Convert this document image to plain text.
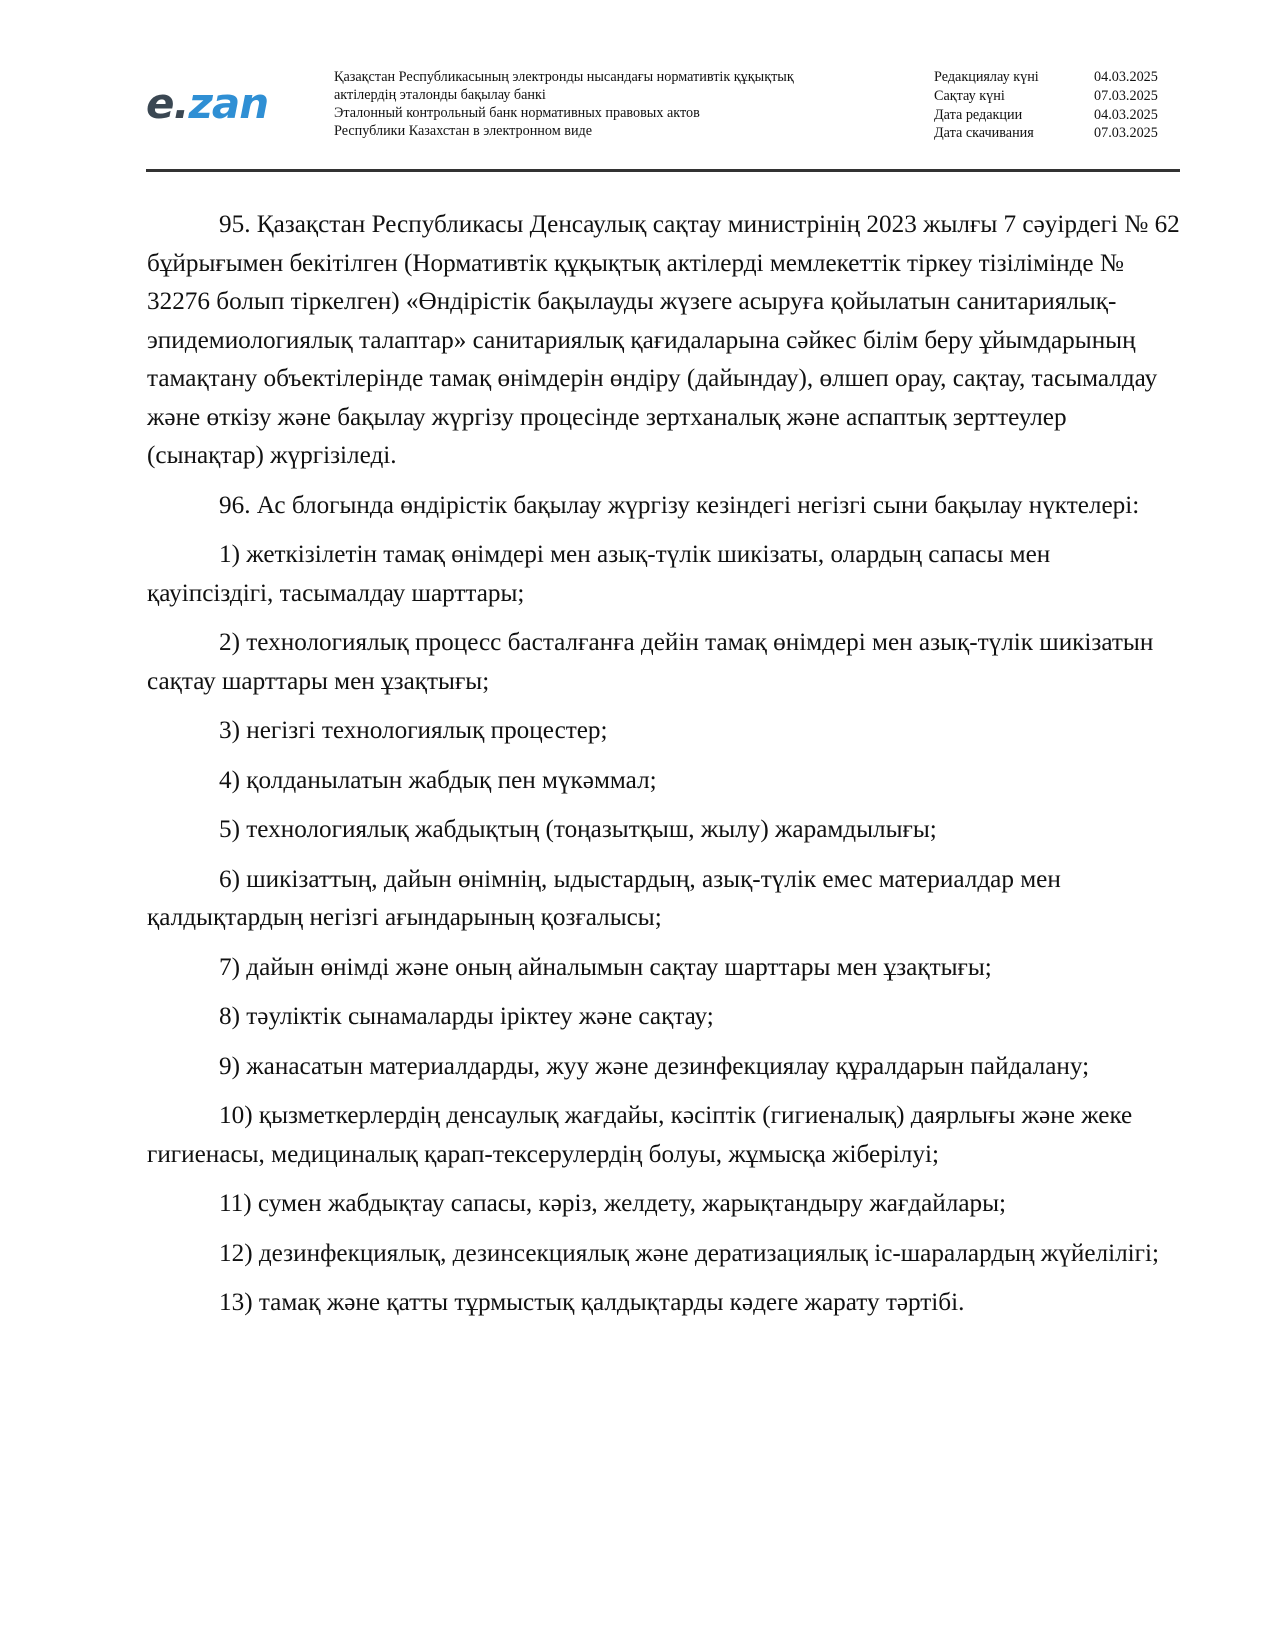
e.zan
Қазақстан Республикасының электронды нысандағы нормативтік құқықтық
актілердің эталонды бақылау банкі
Эталонный контрольный банк нормативных правовых актов
Республики Казахстан в электронном виде
Редакциялау күні	04.03.2025
Сақтау күні	07.03.2025
Дата редакции	04.03.2025
Дата скачивания	07.03.2025

95. Қазақстан Республикасы Денсаулық сақтау министрінің 2023 жылғы 7 сәуірдегі № 62 бұйрығымен бекітілген (Нормативтік құқықтық актілерді мемлекеттік тіркеу тізілімінде № 32276 болып тіркелген) «Өндірістік бақылауды жүзеге асыруға қойылатын санитариялық-эпидемиологиялық талаптар» санитариялық қағидаларына сәйкес білім беру ұйымдарының тамақтану объектілерінде тамақ өнімдерін өндіру (дайындау), өлшеп орау, сақтау, тасымалдау және өткізу және бақылау жүргізу процесінде зертханалық және аспаптық зерттеулер (сынақтар) жүргізіледі.

96. Ас блогында өндірістік бақылау жүргізу кезіндегі негізгі сыни бақылау нүктелері:

1) жеткізілетін тамақ өнімдері мен азық-түлік шикізаты, олардың сапасы мен қауіпсіздігі, тасымалдау шарттары;

2) технологиялық процесс басталғанға дейін тамақ өнімдері мен азық-түлік шикізатын сақтау шарттары мен ұзақтығы;

3) негізгі технологиялық процестер;

4) қолданылатын жабдық пен мүкәммал;

5) технологиялық жабдықтың (тоңазытқыш, жылу) жарамдылығы;

6) шикізаттың, дайын өнімнің, ыдыстардың, азық-түлік емес материалдар мен қалдықтардың негізгі ағындарының қозғалысы;

7) дайын өнімді және оның айналымын сақтау шарттары мен ұзақтығы;

8) тәуліктік сынамаларды іріктеу және сақтау;

9) жанасатын материалдарды, жуу және дезинфекциялау құралдарын пайдалану;

10) қызметкерлердің денсаулық жағдайы, кәсіптік (гигиеналық) даярлығы және жеке гигиенасы, медициналық қарап-тексерулердің болуы, жұмысқа жіберілуі;

11) сумен жабдықтау сапасы, кәріз, желдету, жарықтандыру жағдайлары;

12) дезинфекциялық, дезинсекциялық және дератизациялық іс-шаралардың жүйелілігі;

13) тамақ және қатты тұрмыстық қалдықтарды кәдеге жарату тәртібі.
